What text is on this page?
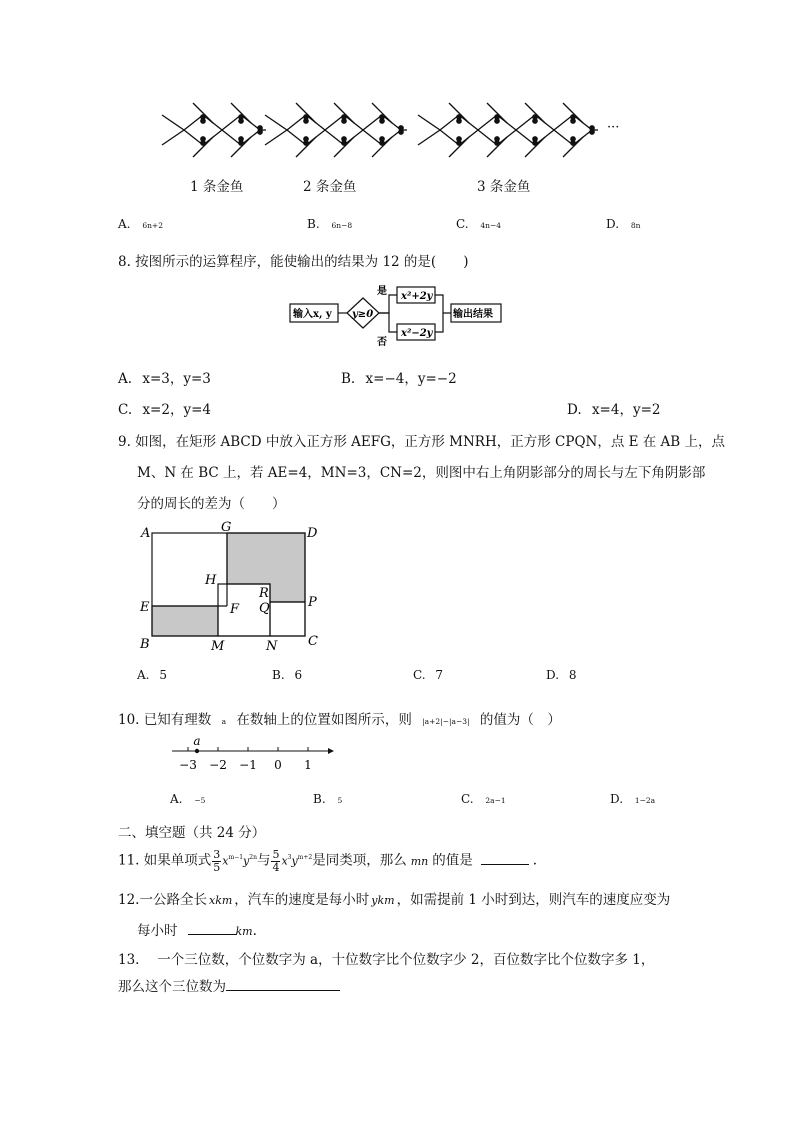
···
1 条金鱼	2 条金鱼	3 条金鱼
A. 6n+2	B. 6n−8	C. 4n−4	D. 8n
8. 按图所示的运算程序，能使输出的结果为 12 的是(　　)
输入x, y y≥0
是
否
x²+2y
x²−2y
输出结果
A. x=3，y=3	B. x=−4，y=−2
C. x=2，y=4	D. x=4，y=2
9. 如图，在矩形 ABCD 中放入正方形 AEFG，正方形 MNRH，正方形 CPQN，点 E 在 AB 上，点
M、N 在 BC 上，若 AE=4，MN=3，CN=2，则图中右上角阴影部分的周长与左下角阴影部
分的周长的差为（　　）
A	G	D
H
R
Q	P
E	F
B	M	N C
A. 5	B. 6	C. 7	D. 8
10. 已知有理数 a 在数轴上的位置如图所示，则 |a+2|−|a−3| 的值为（　）
−3 −2 −1 0 1
a
A. −5	B. 5	C. 2a−1	D. 1−2a
二、填空题（共 24 分）
11. 如果单项式 $\frac{3}{5} x^{m-1}y^{2n}$与 $\frac{5}{4} x^3y^{m+2}$是同类项，那么 mn 的值是	.
12.一公路全长 xkm ，汽车的速度是每小时 ykm ，如需提前 1 小时到达，则汽车的速度应变为
每小时	km.
13.　 一个三位数，个位数字为 a，十位数字比个位数字少 2，百位数字比个位数字多 1，
那么这个三位数为
